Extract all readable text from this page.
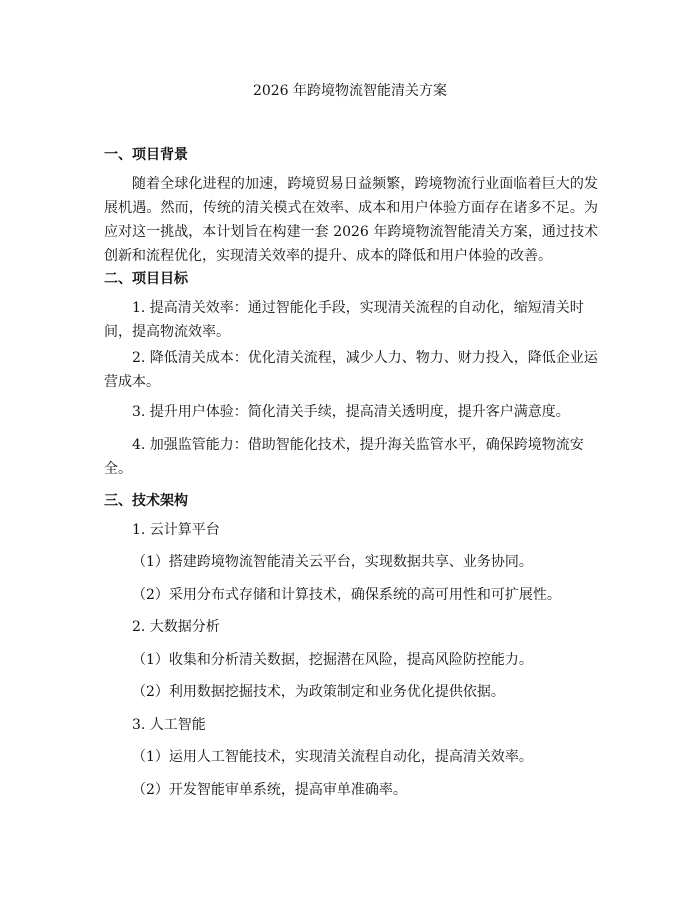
2026 年跨境物流智能清关方案
一、项目背景
随着全球化进程的加速，跨境贸易日益频繁，跨境物流行业面临着巨大的发展机遇。然而，传统的清关模式在效率、成本和用户体验方面存在诸多不足。为应对这一挑战，本计划旨在构建一套 2026 年跨境物流智能清关方案，通过技术创新和流程优化，实现清关效率的提升、成本的降低和用户体验的改善。
二、项目目标
1. 提高清关效率：通过智能化手段，实现清关流程的自动化，缩短清关时间，提高物流效率。
2. 降低清关成本：优化清关流程，减少人力、物力、财力投入，降低企业运营成本。
3. 提升用户体验：简化清关手续，提高清关透明度，提升客户满意度。
4. 加强监管能力：借助智能化技术，提升海关监管水平，确保跨境物流安全。
三、技术架构
1. 云计算平台
（1）搭建跨境物流智能清关云平台，实现数据共享、业务协同。
（2）采用分布式存储和计算技术，确保系统的高可用性和可扩展性。
2. 大数据分析
（1）收集和分析清关数据，挖掘潜在风险，提高风险防控能力。
（2）利用数据挖掘技术，为政策制定和业务优化提供依据。
3. 人工智能
（1）运用人工智能技术，实现清关流程自动化，提高清关效率。
（2）开发智能审单系统，提高审单准确率。
